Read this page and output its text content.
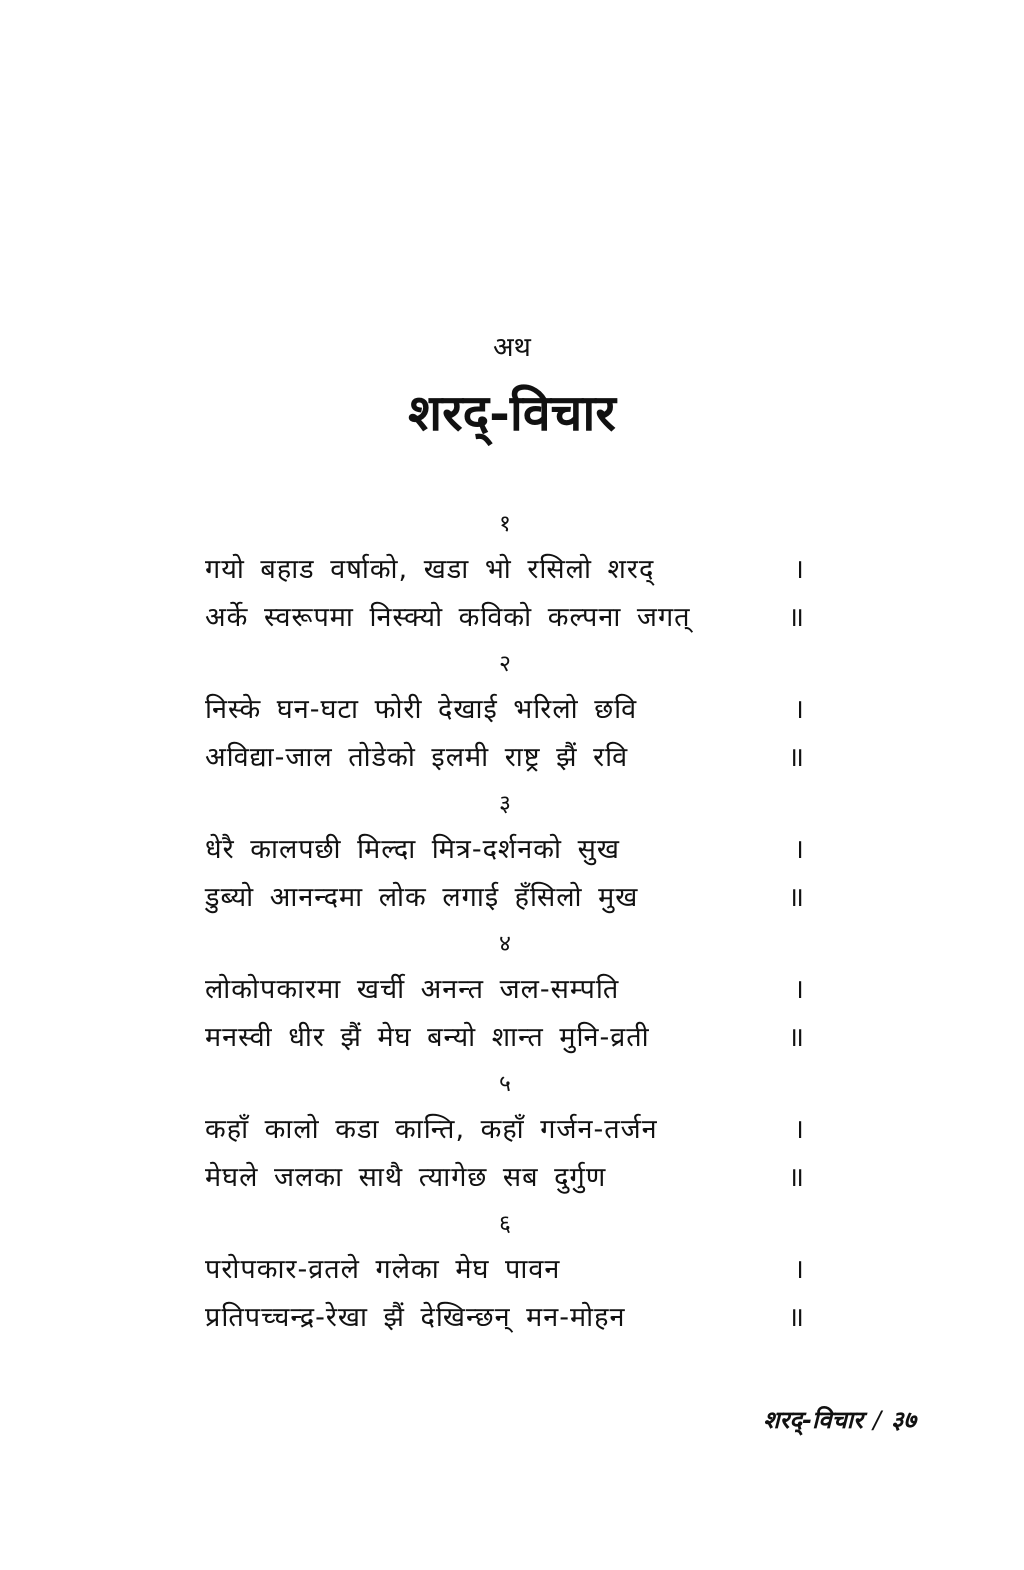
अथ
शरद्-विचार
१
गयो बहाड वर्षाको, खडा भो रसिलो शरद्	।
अर्के स्वरूपमा निस्क्यो कविको कल्पना जगत्	॥
२
निस्के घन-घटा फोरी देखाई भरिलो छवि	।
अविद्या-जाल तोडेको इलमी राष्ट्र झैं रवि	॥
३
धेरै कालपछी मिल्दा मित्र-दर्शनको सुख	।
डुब्यो आनन्दमा लोक लगाई हँसिलो मुख	॥
४
लोकोपकारमा खर्ची अनन्त जल-सम्पति	।
मनस्वी धीर झैं मेघ बन्यो शान्त मुनि-व्रती	॥
५
कहाँ कालो कडा कान्ति, कहाँ गर्जन-तर्जन	।
मेघले जलका साथै त्यागेछ सब दुर्गुण	॥
६
परोपकार-व्रतले गलेका मेघ पावन	।
प्रतिपच्चन्द्र-रेखा झैं देखिन्छन् मन-मोहन	॥
शरद्-विचार / ३७
